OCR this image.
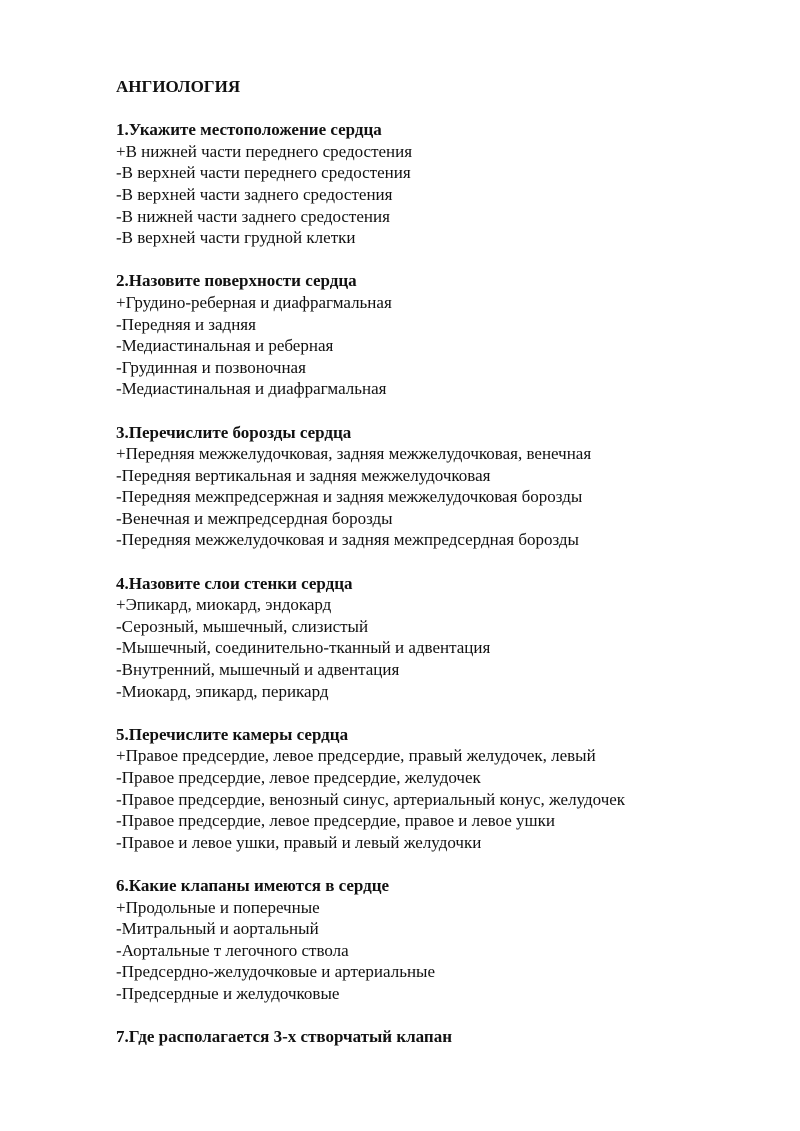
АНГИОЛОГИЯ
1.Укажите местоположение сердца
+В нижней части переднего средостения
-В верхней части переднего средостения
-В верхней части заднего средостения
-В нижней части заднего средостения
-В верхней части грудной клетки
2.Назовите поверхности сердца
+Грудино-реберная и диафрагмальная
-Передняя и задняя
-Медиастинальная и реберная
-Грудинная и позвоночная
-Медиастинальная и диафрагмальная
3.Перечислите борозды сердца
+Передняя межжелудочковая, задняя межжелудочковая, венечная
-Передняя вертикальная и задняя межжелудочковая
-Передняя межпредсержная и задняя межжелудочковая борозды
-Венечная и межпредсердная борозды
-Передняя межжелудочковая и задняя межпредсердная борозды
4.Назовите слои стенки сердца
+Эпикард, миокард, эндокард
-Серозный, мышечный, слизистый
-Мышечный, соединительно-тканный и адвентация
-Внутренний, мышечный и адвентация
-Миокард, эпикард, перикард
5.Перечислите камеры сердца
+Правое предсердие, левое предсердие, правый желудочек, левый
-Правое предсердие, левое предсердие, желудочек
-Правое предсердие, венозный синус, артериальный конус, желудочек
-Правое предсердие, левое предсердие, правое и левое ушки
-Правое и левое ушки, правый и левый желудочки
6.Какие клапаны имеются в сердце
+Продольные и поперечные
-Митральный и аортальный
-Аортальные т легочного ствола
-Предсердно-желудочковые и артериальные
-Предсердные и желудочковые
7.Где располагается 3-х створчатый клапан
